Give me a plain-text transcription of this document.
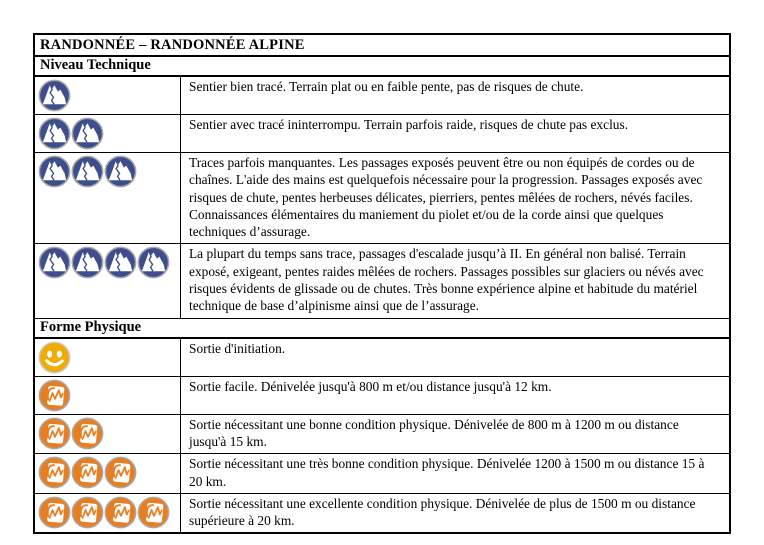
RANDONNÉE – RANDONNÉE ALPINE
Niveau Technique
Sentier bien tracé. Terrain plat ou en faible pente, pas de risques de chute.
Sentier avec tracé ininterrompu. Terrain parfois raide, risques de chute pas exclus.
Traces parfois manquantes. Les passages exposés peuvent être ou non équipés de cordes ou de chaînes. L'aide des mains est quelquefois nécessaire pour la progression. Passages exposés avec risques de chute, pentes herbeuses délicates, pierriers, pentes mêlées de rochers, névés faciles. Connaissances élémentaires du maniement du piolet et/ou de la corde ainsi que quelques techniques d’assurage.
La plupart du temps sans trace, passages d'escalade jusqu’à II. En général non balisé. Terrain exposé, exigeant, pentes raides mêlées de rochers. Passages possibles sur glaciers ou névés avec risques évidents de glissade ou de chutes. Très bonne expérience alpine et habitude du matériel technique de base d’alpinisme ainsi que de l’assurage.
Forme Physique
Sortie d'initiation.
Sortie facile. Dénivelée jusqu'à 800 m et/ou distance jusqu'à 12 km.
Sortie nécessitant une bonne condition physique. Dénivelée de 800 m à 1200 m ou distance jusqu'à 15 km.
Sortie nécessitant une très bonne condition physique. Dénivelée 1200 à 1500 m ou distance 15 à 20 km.
Sortie nécessitant une excellente condition physique. Dénivelée de plus de 1500 m ou distance supérieure à 20 km.
